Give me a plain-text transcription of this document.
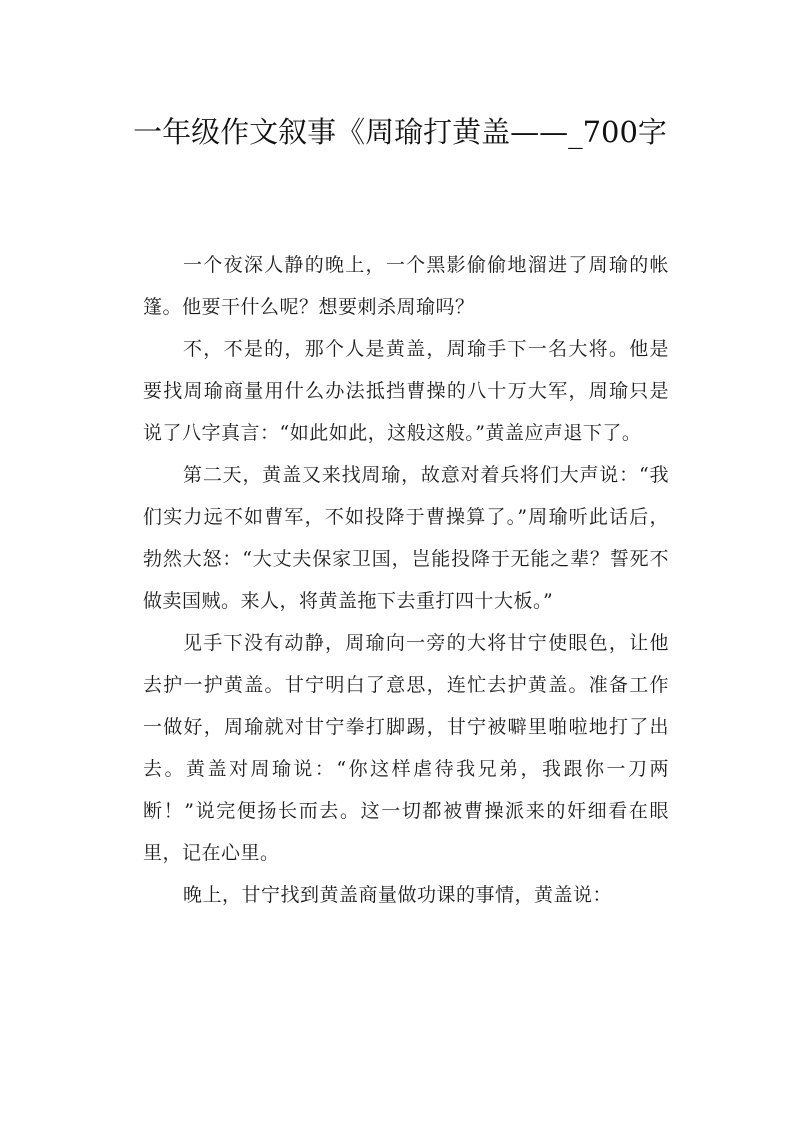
一年级作文叙事《周瑜打黄盖——_700字

一个夜深人静的晚上，一个黑影偷偷地溜进了周瑜的帐篷。他要干什么呢？想要刺杀周瑜吗？

不，不是的，那个人是黄盖，周瑜手下一名大将。他是要找周瑜商量用什么办法抵挡曹操的八十万大军，周瑜只是说了八字真言：“如此如此，这般这般。”黄盖应声退下了。

第二天，黄盖又来找周瑜，故意对着兵将们大声说：“我们实力远不如曹军，不如投降于曹操算了。”周瑜听此话后，勃然大怒：“大丈夫保家卫国，岂能投降于无能之辈？誓死不做卖国贼。来人，将黄盖拖下去重打四十大板。”

见手下没有动静，周瑜向一旁的大将甘宁使眼色，让他去护一护黄盖。甘宁明白了意思，连忙去护黄盖。准备工作一做好，周瑜就对甘宁拳打脚踢，甘宁被噼里啪啦地打了出去。黄盖对周瑜说：“你这样虐待我兄弟，我跟你一刀两断！”说完便扬长而去。这一切都被曹操派来的奸细看在眼里，记在心里。

晚上，甘宁找到黄盖商量做功课的事情，黄盖说：
